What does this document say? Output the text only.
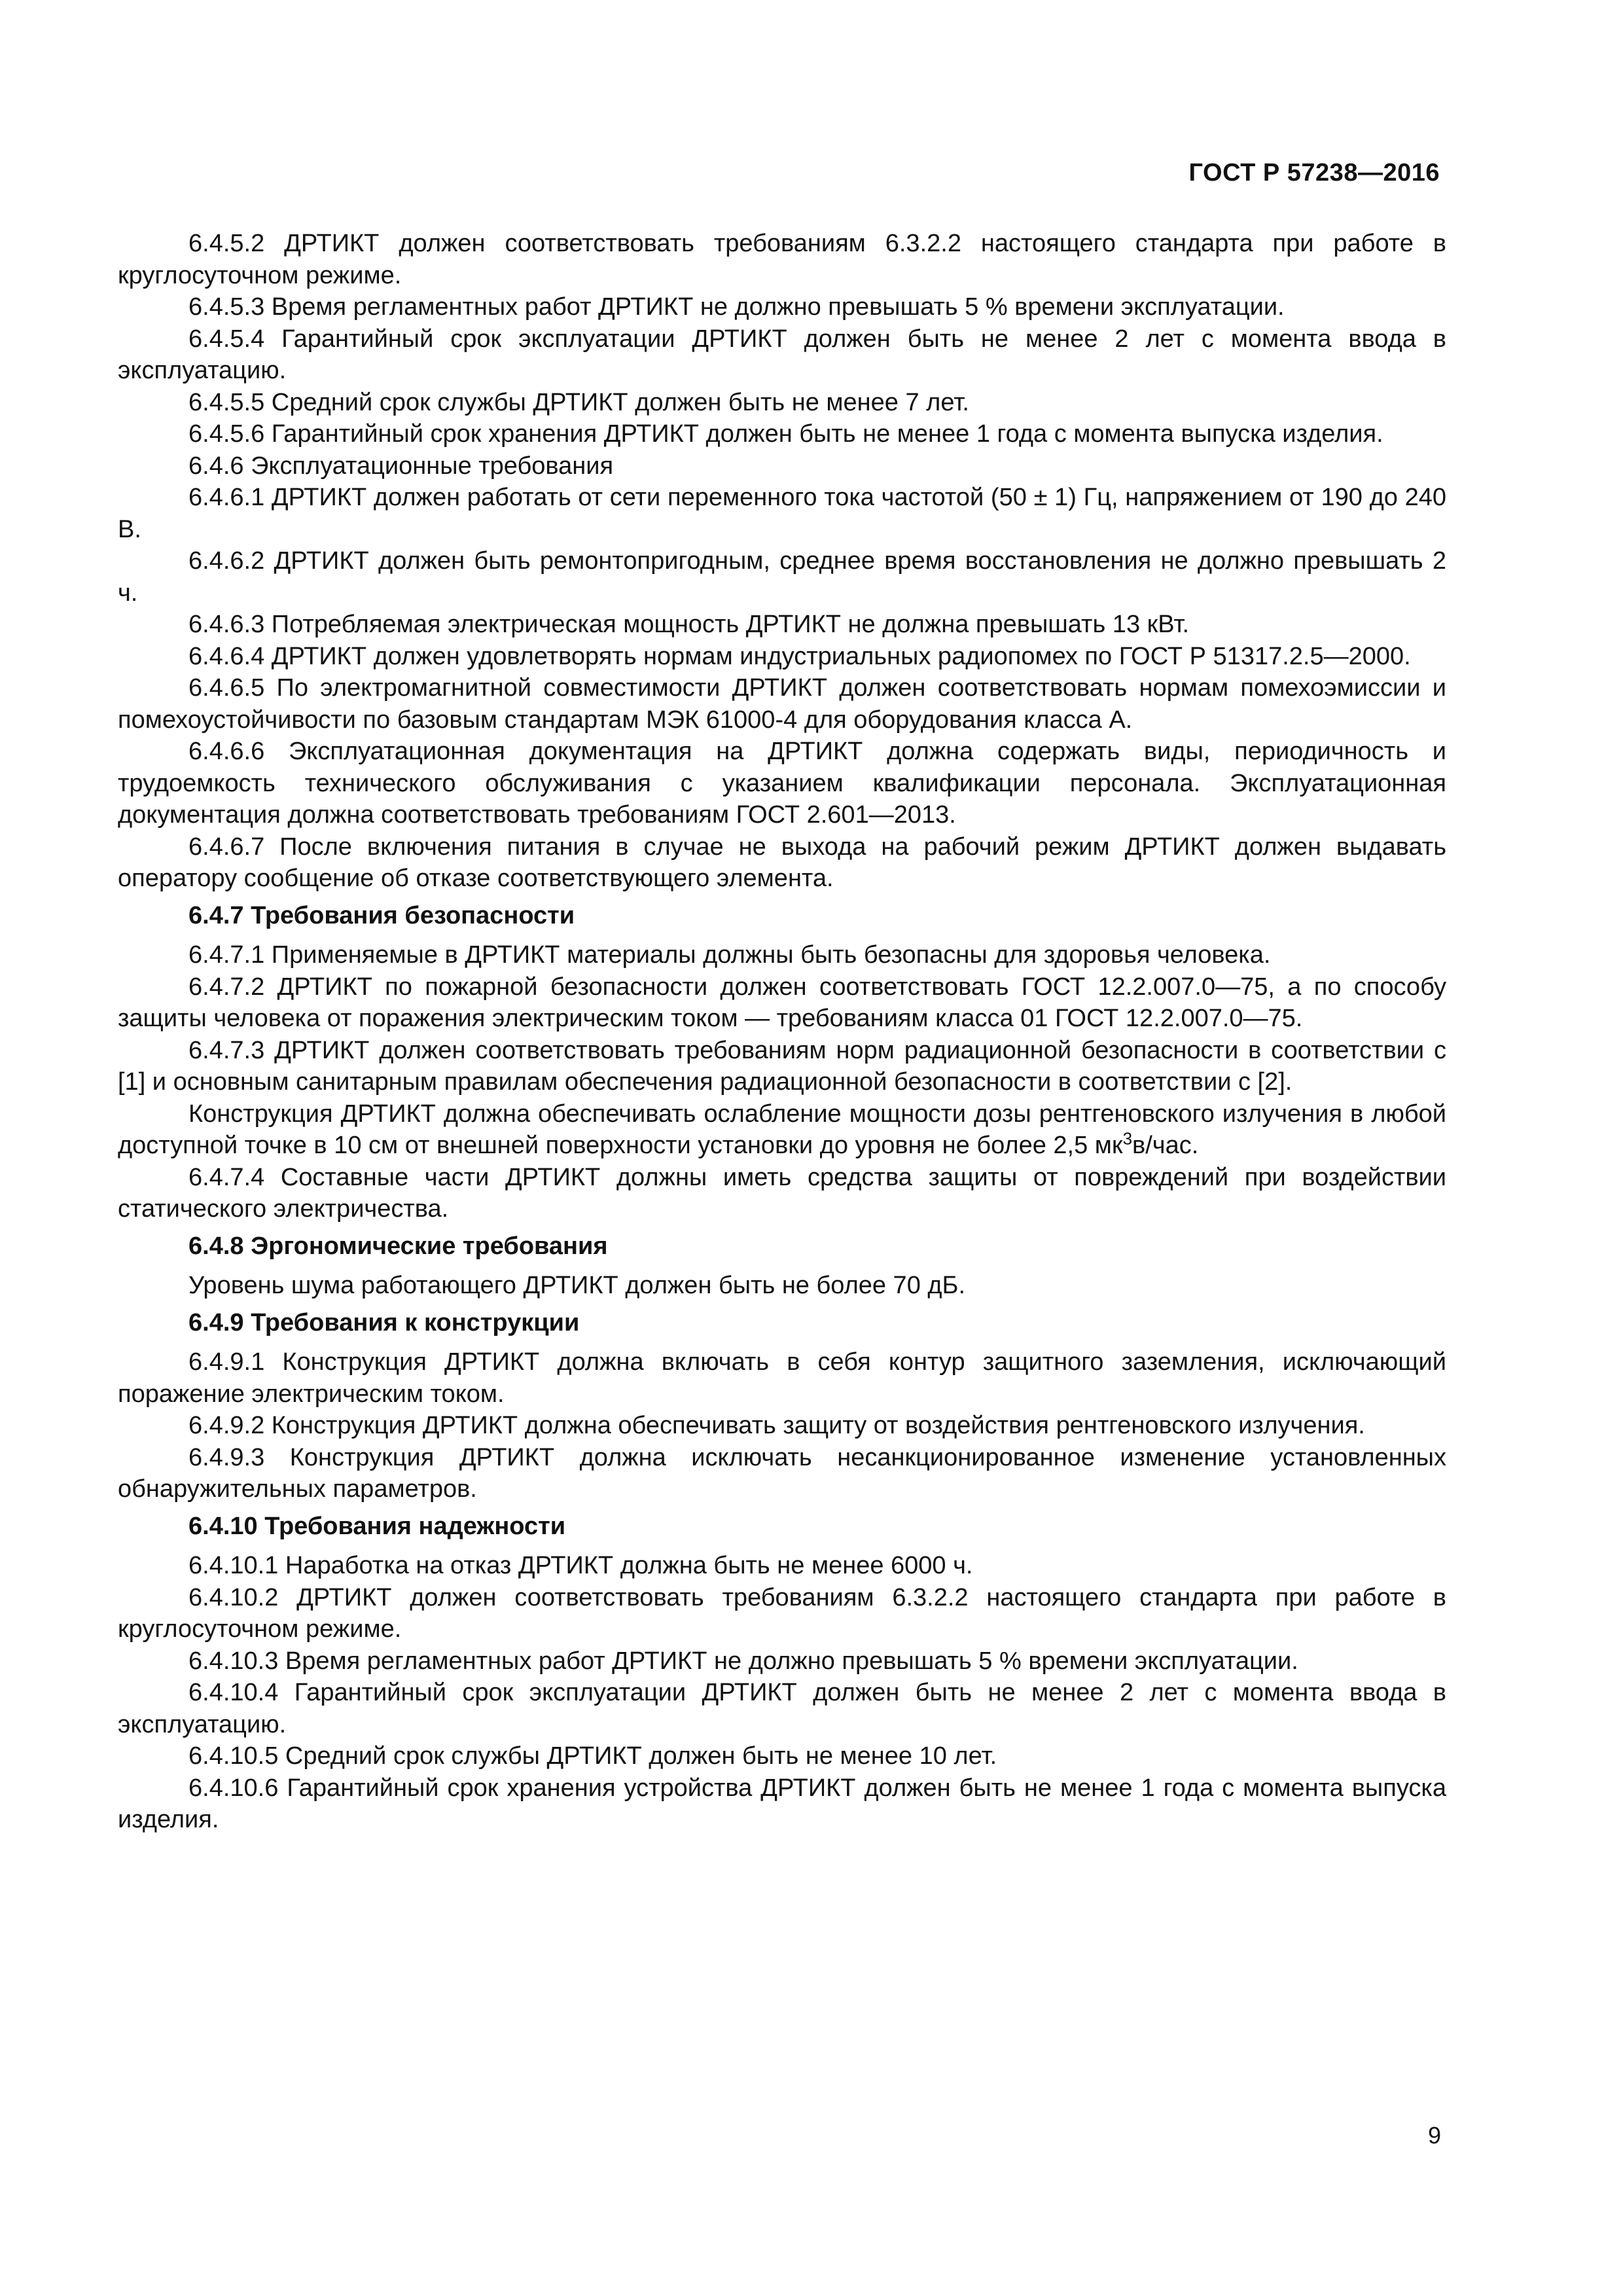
ГОСТ Р 57238—2016

6.4.5.2 ДРТИКТ должен соответствовать требованиям 6.3.2.2 настоящего стандарта при работе в круглосуточном режиме.

6.4.5.3 Время регламентных работ ДРТИКТ не должно превышать 5 % времени эксплуатации.

6.4.5.4 Гарантийный срок эксплуатации ДРТИКТ должен быть не менее 2 лет с момента ввода в эксплуатацию.

6.4.5.5 Средний срок службы ДРТИКТ должен быть не менее 7 лет.

6.4.5.6 Гарантийный срок хранения ДРТИКТ должен быть не менее 1 года с момента выпуска изделия.

6.4.6 Эксплуатационные требования

6.4.6.1 ДРТИКТ должен работать от сети переменного тока частотой (50 ± 1) Гц, напряжением от 190 до 240 В.

6.4.6.2 ДРТИКТ должен быть ремонтопригодным, среднее время восстановления не должно превышать 2 ч.

6.4.6.3 Потребляемая электрическая мощность ДРТИКТ не должна превышать 13 кВт.

6.4.6.4 ДРТИКТ должен удовлетворять нормам индустриальных радиопомех по ГОСТ Р 51317.2.5—2000.

6.4.6.5 По электромагнитной совместимости ДРТИКТ должен соответствовать нормам помехоэмиссии и помехоустойчивости по базовым стандартам МЭК 61000-4 для оборудования класса А.

6.4.6.6 Эксплуатационная документация на ДРТИКТ должна содержать виды, периодичность и трудоемкость технического обслуживания с указанием квалификации персонала. Эксплуатационная документация должна соответствовать требованиям ГОСТ 2.601—2013.

6.4.6.7 После включения питания в случае не выхода на рабочий режим ДРТИКТ должен выдавать оператору сообщение об отказе соответствующего элемента.

6.4.7 Требования безопасности

6.4.7.1 Применяемые в ДРТИКТ материалы должны быть безопасны для здоровья человека.

6.4.7.2 ДРТИКТ по пожарной безопасности должен соответствовать ГОСТ 12.2.007.0—75, а по способу защиты человека от поражения электрическим током — требованиям класса 01 ГОСТ 12.2.007.0—75.

6.4.7.3 ДРТИКТ должен соответствовать требованиям норм радиационной безопасности в соответствии с [1] и основным санитарным правилам обеспечения радиационной безопасности в соответствии с [2].

Конструкция ДРТИКТ должна обеспечивать ослабление мощности дозы рентгеновского излучения в любой доступной точке в 10 см от внешней поверхности установки до уровня не более 2,5 $мк^3в$/час.

6.4.7.4 Составные части ДРТИКТ должны иметь средства защиты от повреждений при воздействии статического электричества.

6.4.8 Эргономические требования

Уровень шума работающего ДРТИКТ должен быть не более 70 дБ.

6.4.9 Требования к конструкции

6.4.9.1 Конструкция ДРТИКТ должна включать в себя контур защитного заземления, исключающий поражение электрическим током.

6.4.9.2 Конструкция ДРТИКТ должна обеспечивать защиту от воздействия рентгеновского излучения.

6.4.9.3 Конструкция ДРТИКТ должна исключать несанкционированное изменение установленных обнаружительных параметров.

6.4.10 Требования надежности

6.4.10.1 Наработка на отказ ДРТИКТ должна быть не менее 6000 ч.

6.4.10.2 ДРТИКТ должен соответствовать требованиям 6.3.2.2 настоящего стандарта при работе в круглосуточном режиме.

6.4.10.3 Время регламентных работ ДРТИКТ не должно превышать 5 % времени эксплуатации.

6.4.10.4 Гарантийный срок эксплуатации ДРТИКТ должен быть не менее 2 лет с момента ввода в эксплуатацию.

6.4.10.5 Средний срок службы ДРТИКТ должен быть не менее 10 лет.

6.4.10.6 Гарантийный срок хранения устройства ДРТИКТ должен быть не менее 1 года с момента выпуска изделия.

9
